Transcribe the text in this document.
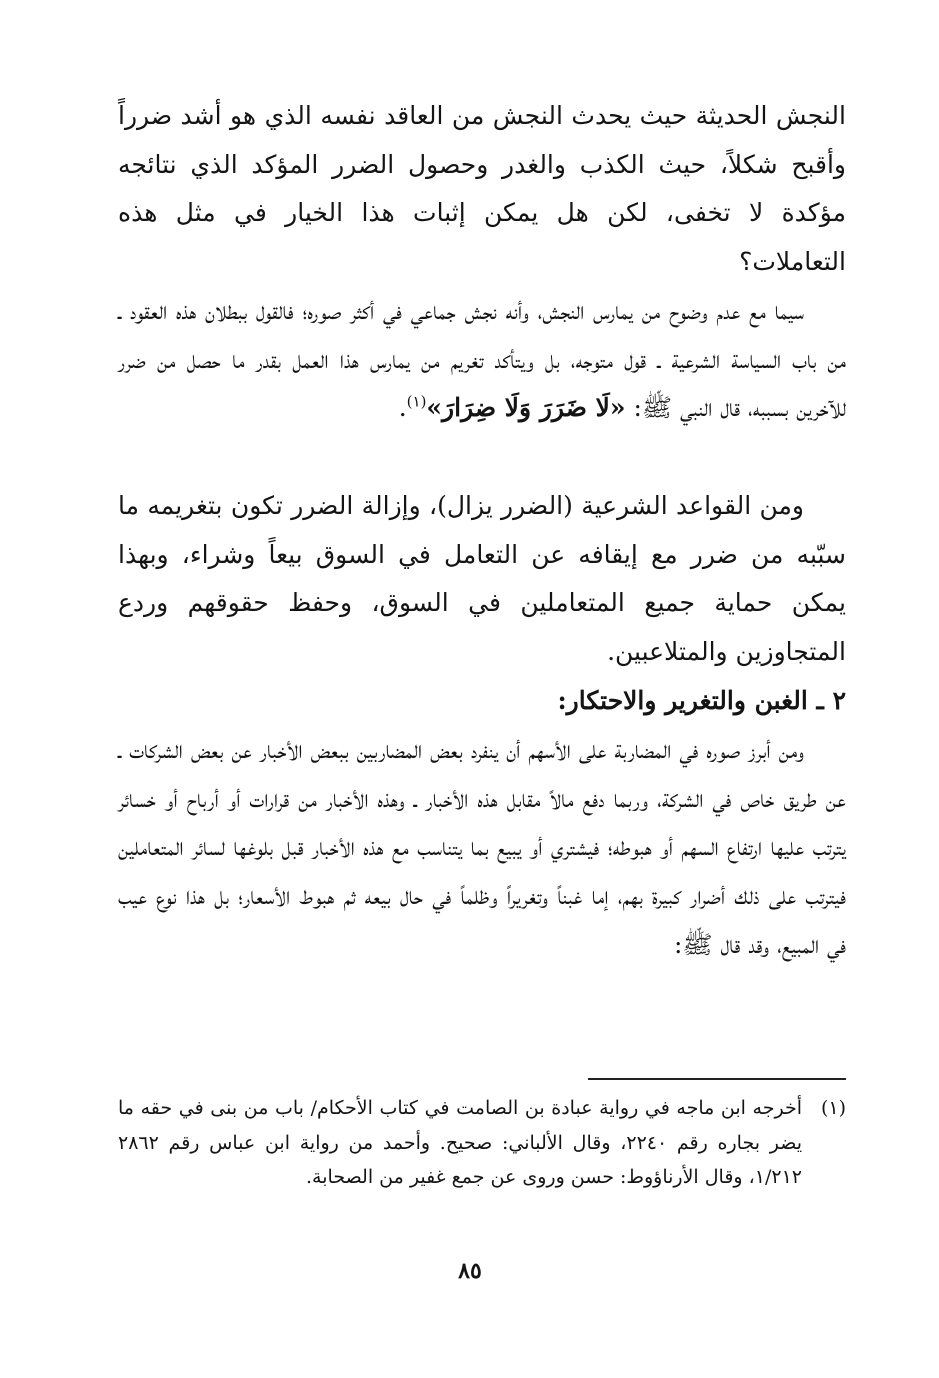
النجش الحديثة حيث يحدث النجش من العاقد نفسه الذي هو أشد ضرراً وأقبح شكلاً، حيث الكذب والغدر وحصول الضرر المؤكد الذي نتائجه مؤكدة لا تخفى، لكن هل يمكن إثبات هذا الخيار في مثل هذه التعاملات؟

سيما مع عدم وضوح من يمارس النجش، وأنه نجش جماعي في أكثر صوره؛ فالقول ببطلان هذه العقود ـ من باب السياسة الشرعية ـ قول متوجه، بل ويتأكد تغريم من يمارس هذا العمل بقدر ما حصل من ضرر للآخرين بسببه، قال النبي ﷺ: «لَا ضَرَرَ وَلَا ضِرَارَ»$^{(١)}$.

ومن القواعد الشرعية (الضرر يزال)، وإزالة الضرر تكون بتغريمه ما سبّبه من ضرر مع إيقافه عن التعامل في السوق بيعاً وشراء، وبهذا يمكن حماية جميع المتعاملين في السوق، وحفظ حقوقهم وردع المتجاوزين والمتلاعبين.

٢ ـ الغبن والتغرير والاحتكار:

ومن أبرز صوره في المضاربة على الأسهم أن ينفرد بعض المضاربين ببعض الأخبار عن بعض الشركات ـ عن طريق خاص في الشركة، وربما دفع مالاً مقابل هذه الأخبار ـ وهذه الأخبار من قرارات أو أرباح أو خسائر يترتب عليها ارتفاع السهم أو هبوطه؛ فيشتري أو يبيع بما يتناسب مع هذه الأخبار قبل بلوغها لسائر المتعاملين فيترتب على ذلك أضرار كبيرة بهم، إما غبناً وتغريراً وظلماً في حال بيعه ثم هبوط الأسعار؛ بل هذا نوع عيب في المبيع، وقد قال ﷺ:

(١)
أخرجه ابن ماجه في رواية عبادة بن الصامت في كتاب الأحكام/ باب من بنى في حقه ما يضر بجاره رقم ٢٢٤٠، وقال الألباني: صحيح. وأحمد من رواية ابن عباس رقم ٢٨٦٢ ١/٢١٢، وقال الأرناؤوط: حسن وروى عن جمع غفير من الصحابة.
٨٥
